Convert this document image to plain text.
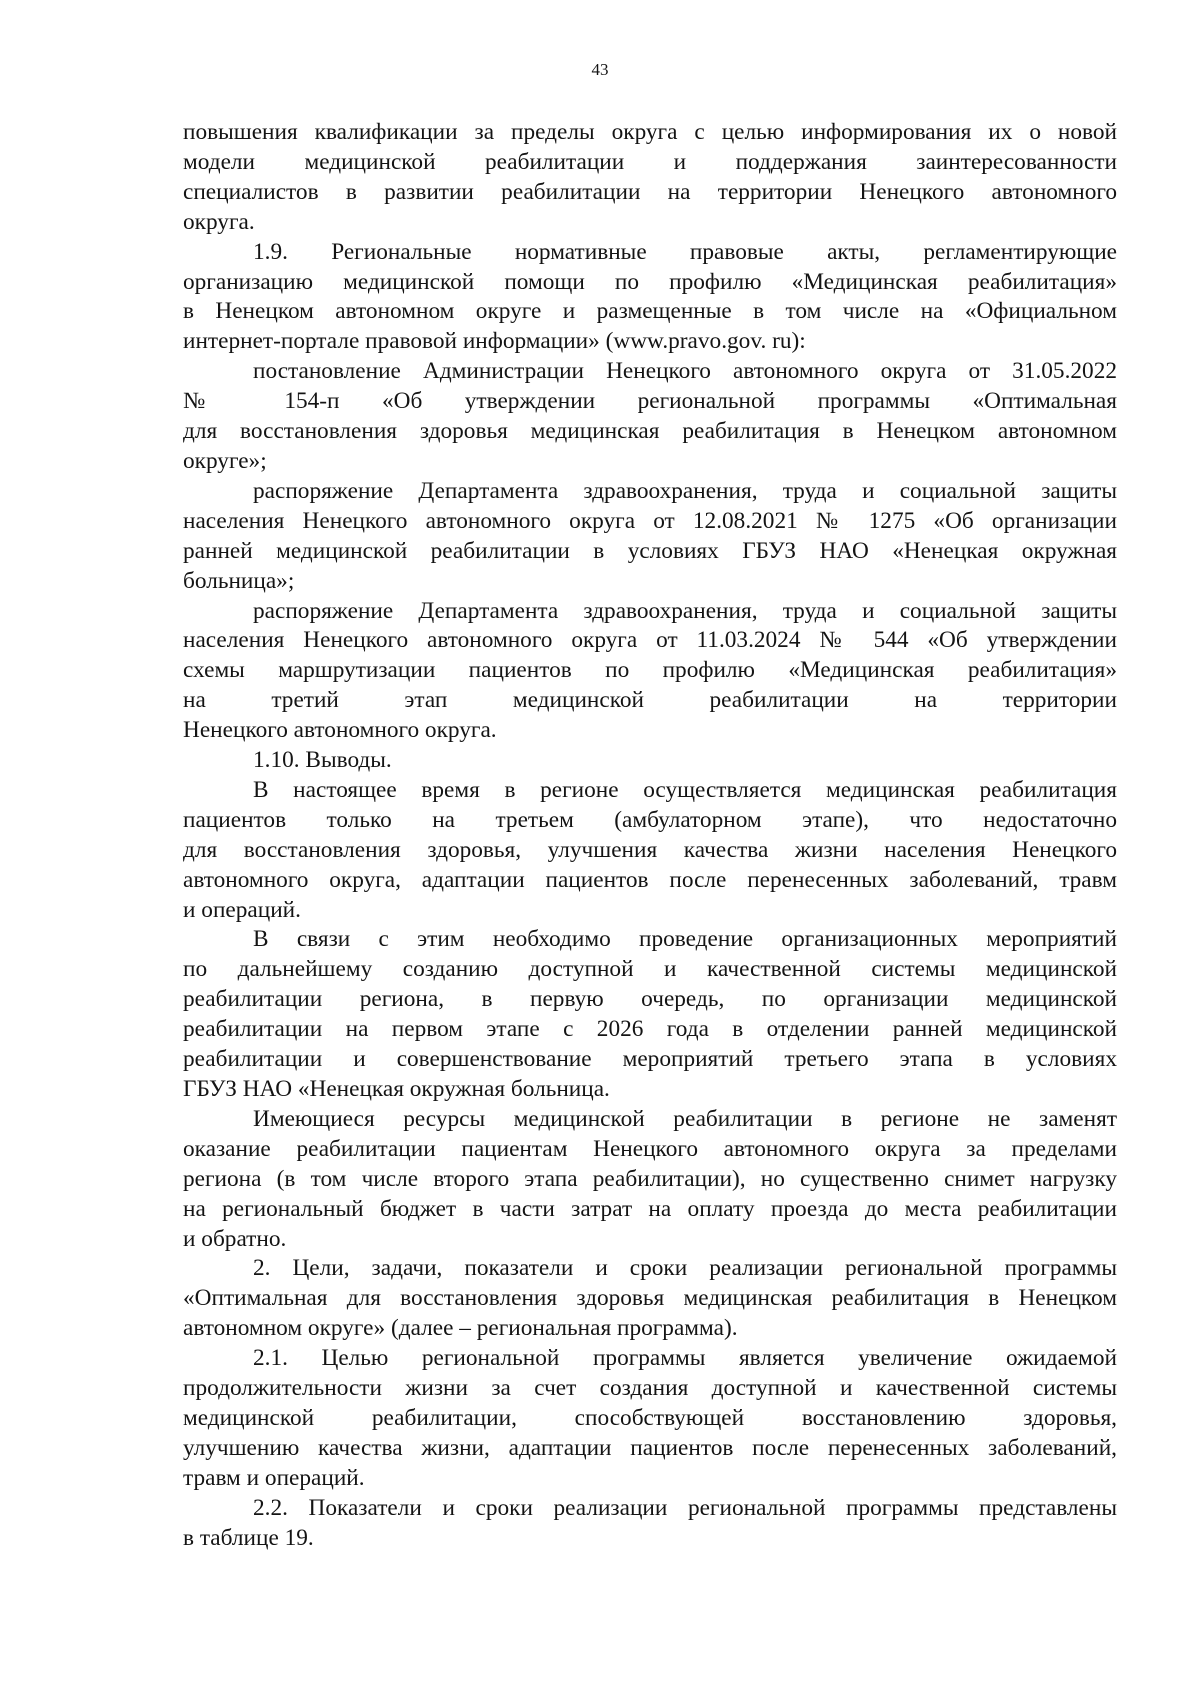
43
повышения квалификации за пределы округа с целью информирования их о новой
модели медицинской реабилитации и поддержания заинтересованности
специалистов в развитии реабилитации на территории Ненецкого автономного
округа.
1.9. Региональные нормативные правовые акты, регламентирующие
организацию медицинской помощи по профилю «Медицинская реабилитация»
в Ненецком автономном округе и размещенные в том числе на «Официальном
интернет-портале правовой информации» (www.pravo.gov. ru):
постановление Администрации Ненецкого автономного округа от 31.05.2022
№ 154-п «Об утверждении региональной программы «Оптимальная
для восстановления здоровья медицинская реабилитация в Ненецком автономном
округе»;
распоряжение Департамента здравоохранения, труда и социальной защиты
населения Ненецкого автономного округа от 12.08.2021 № 1275 «Об организации
ранней медицинской реабилитации в условиях ГБУЗ НАО «Ненецкая окружная
больница»;
распоряжение Департамента здравоохранения, труда и социальной защиты
населения Ненецкого автономного округа от 11.03.2024 № 544 «Об утверждении
схемы маршрутизации пациентов по профилю «Медицинская реабилитация»
на третий этап медицинской реабилитации на территории
Ненецкого автономного округа.
1.10. Выводы.
В настоящее время в регионе осуществляется медицинская реабилитация
пациентов только на третьем (амбулаторном этапе), что недостаточно
для восстановления здоровья, улучшения качества жизни населения Ненецкого
автономного округа, адаптации пациентов после перенесенных заболеваний, травм
и операций.
В связи с этим необходимо проведение организационных мероприятий
по дальнейшему созданию доступной и качественной системы медицинской
реабилитации региона, в первую очередь, по организации медицинской
реабилитации на первом этапе с 2026 года в отделении ранней медицинской
реабилитации и совершенствование мероприятий третьего этапа в условиях
ГБУЗ НАО «Ненецкая окружная больница.
Имеющиеся ресурсы медицинской реабилитации в регионе не заменят
оказание реабилитации пациентам Ненецкого автономного округа за пределами
региона (в том числе второго этапа реабилитации), но существенно снимет нагрузку
на региональный бюджет в части затрат на оплату проезда до места реабилитации
и обратно.
2. Цели, задачи, показатели и сроки реализации региональной программы
«Оптимальная для восстановления здоровья медицинская реабилитация в Ненецком
автономном округе» (далее – региональная программа).
2.1. Целью региональной программы является увеличение ожидаемой
продолжительности жизни за счет создания доступной и качественной системы
медицинской реабилитации, способствующей восстановлению здоровья,
улучшению качества жизни, адаптации пациентов после перенесенных заболеваний,
травм и операций.
2.2. Показатели и сроки реализации региональной программы представлены
в таблице 19.
